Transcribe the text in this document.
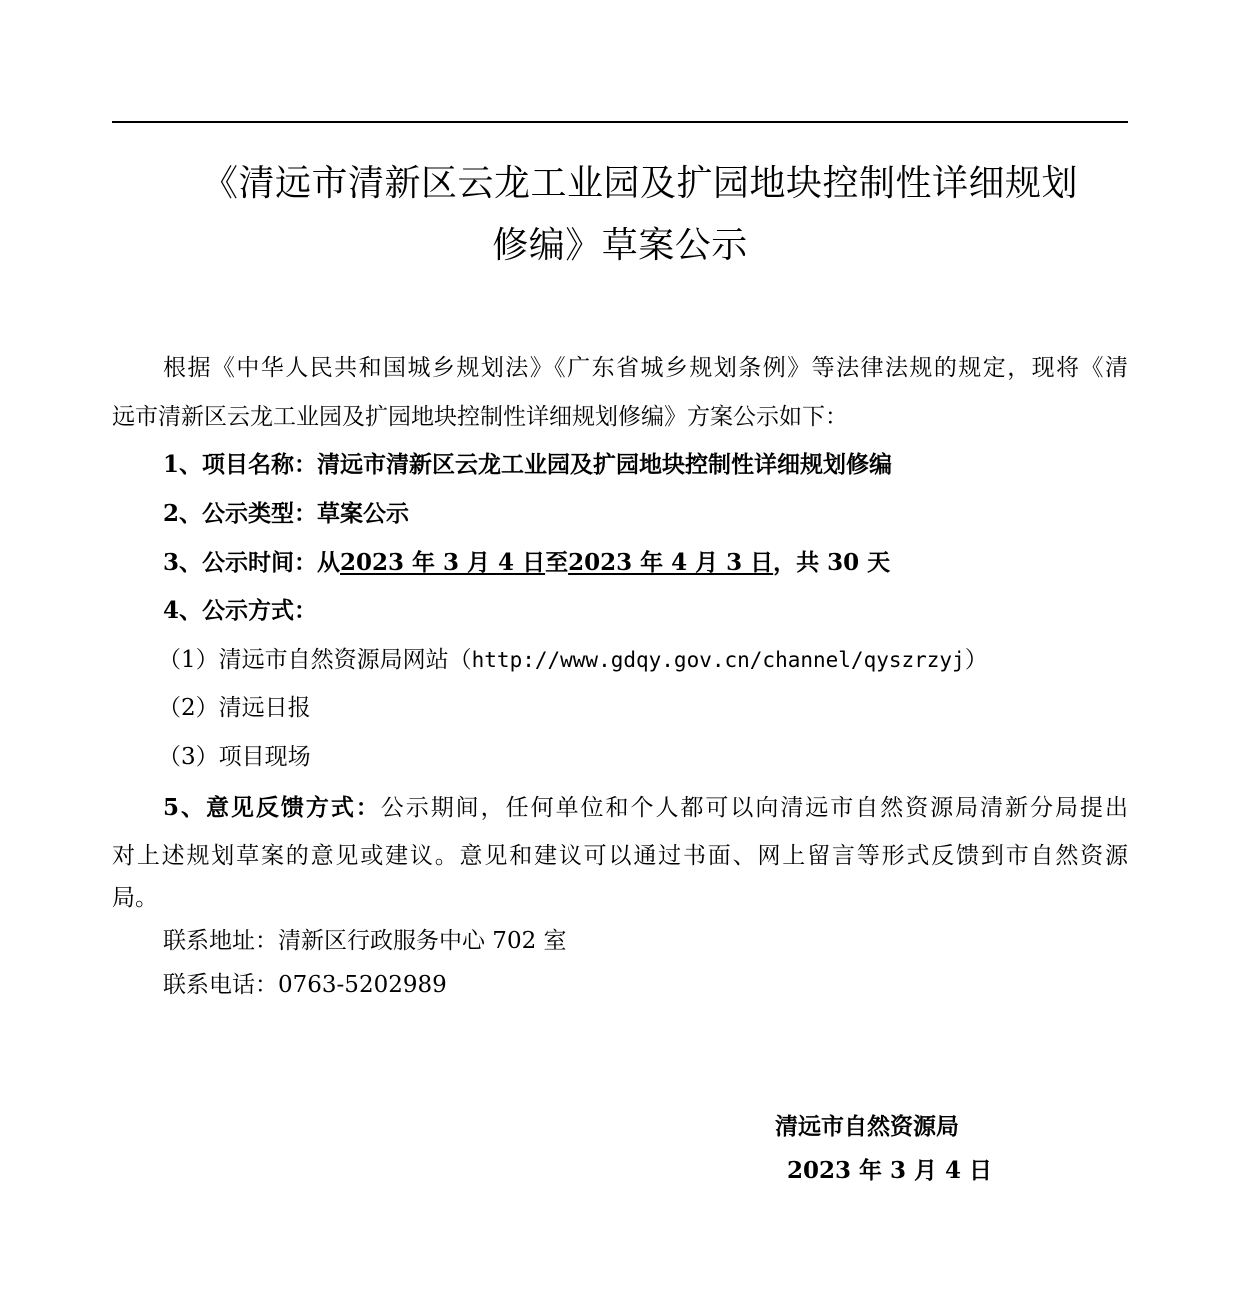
《清远市清新区云龙工业园及扩园地块控制性详细规划
修编》草案公示
根据《中华人民共和国城乡规划法》《广东省城乡规划条例》等法律法规的规定，现将《清
远市清新区云龙工业园及扩园地块控制性详细规划修编》方案公示如下：
1、项目名称：清远市清新区云龙工业园及扩园地块控制性详细规划修编
2、公示类型：草案公示
3、公示时间：从2023 年 3 月 4 日至2023 年 4 月 3 日，共 30 天
4、公示方式：
（1）清远市自然资源局网站（http://www.gdqy.gov.cn/channel/qyszrzyj）
（2）清远日报
（3）项目现场
5、意见反馈方式：公示期间，任何单位和个人都可以向清远市自然资源局清新分局提出
对上述规划草案的意见或建议。意见和建议可以通过书面、网上留言等形式反馈到市自然资源
局。
联系地址：清新区行政服务中心 702 室
联系电话：0763-5202989
清远市自然资源局
2023 年 3 月 4 日
